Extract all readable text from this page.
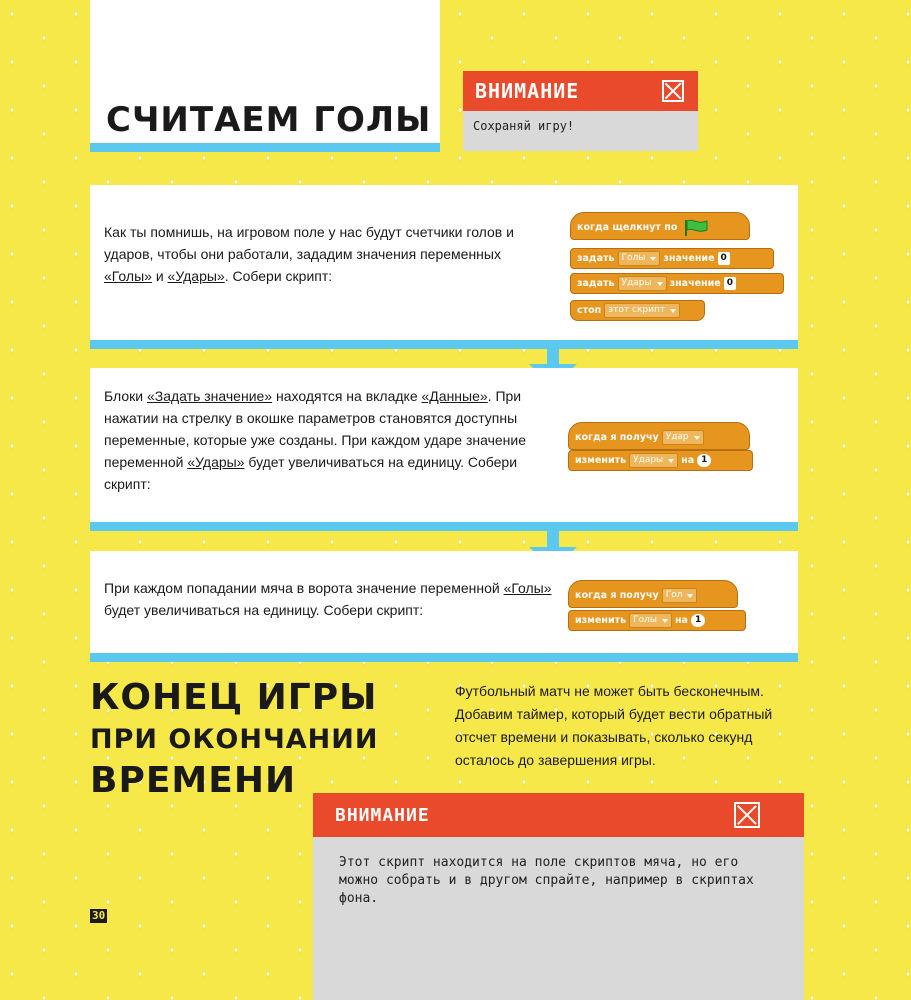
СЧИТАЕМ ГОЛЫ
ВНИМАНИЕ
Сохраняй игру!
Как ты помнишь, на игровом поле у нас будут счетчики голов и ударов, чтобы они работали, зададим значения переменных «Голы» и «Удары». Собери скрипт:
когда щелкнут по
задать Голы значение 0
задать Удары значение 0
стоп этот скрипт
Блоки «Задать значение» находятся на вкладке «Данные». При нажатии на стрелку в окошке параметров становятся доступны переменные, которые уже созданы. При каждом ударе значение переменной «Удары» будет увеличиваться на единицу. Собери скрипт:
когда я получу Удар
изменить Удары на 1
При каждом попадании мяча в ворота значение переменной «Голы» будет увеличиваться на единицу. Собери скрипт:
когда я получу Гол
изменить Голы на 1
КОНЕЦ ИГРЫ
ПРИ ОКОНЧАНИИ
ВРЕМЕНИ
Футбольный матч не может быть бесконечным. Добавим таймер, который будет вести обратный отсчет времени и показывать, сколько секунд осталось до завершения игры.
ВНИМАНИЕ
Этот скрипт находится на поле скриптов мяча, но его можно собрать и в другом спрайте, например в скриптах фона.
30
